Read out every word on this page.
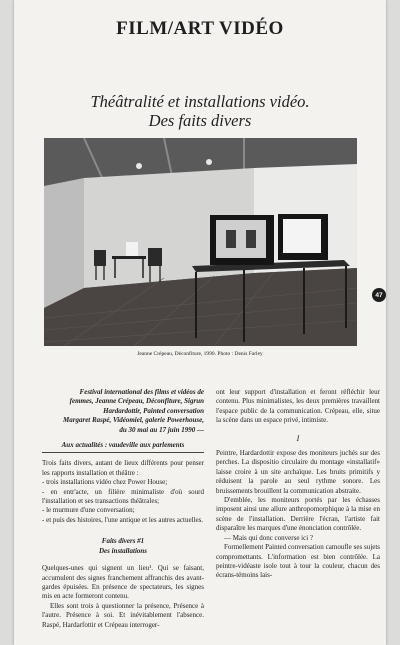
FILM/ART VIDÉO
Théâtralité et installations vidéo.
Des faits divers
Jeanne Crépeau, Déconfiture, 1990. Photo : Denis Farley
Festival international des films et vidéos de
femmes, Jeanne Crépeau, Déconfiture, Sigrun
Hardardottir, Painted conversation
Margaret Raspé, Vidéomiel, galerie Powerhouse,
du 30 mai au 17 juin 1990 —
Aux actualités : vaudeville aux parlements

Trois faits divers, autant de lieux différents pour penser les rapports installation et théâtre :

- trois installations vidéo chez Power House;

- en entr'acte, un filière minimaliste d'où sourd l'installation et ses transactions théâtrales;

- le murmure d'une conversation;

- et puis des histoires, l'une antique et les autres actuelles.

Faits divers #1
Des installations

Quelques-unes qui signent un lieu¹. Qui se faisant, accumulent des signes franchement affranchis des avant-gardes épuisées. En présence de spectateurs, les signes mis en acte formeront contenu.

Elles sont trois à questionner la présence, Présence à l'autre. Présence à soi. Et inévitablement l'absence. Raspé, Hardarfottir et Crépeau interroger-

ont leur support d'installation et feront réfléchir leur contenu. Plus minimalistes, les deux premières travaillent l'espace public de la communication. Crépeau, elle, situe la scène dans un espace privé, intimiste.

I

Peintre, Hardardottir expose des moniteurs juchés sur des perches. La dispositio circulaire du montage «installatif» laisse croire à un site archaïque. Les bruits primitifs y réduisent la parole au seul rythme sonore. Les bruissements brouillent la communication abstraite.

D'emblée, les moniteurs portés par les échasses imposent ainsi une allure anthropomorphique à la mise en scène de l'installation. Derrière l'écran, l'artiste fait disparaître les marques d'une énonciation contrôlée.

— Mais qui donc converse ici ?

Formellement Painted conversation camoufle ses sujets compromettants. L'information est bien contrôlée. La peintre-vidéaste isole tout à tour la couleur, chacun des écrans-témoins lais-

47
